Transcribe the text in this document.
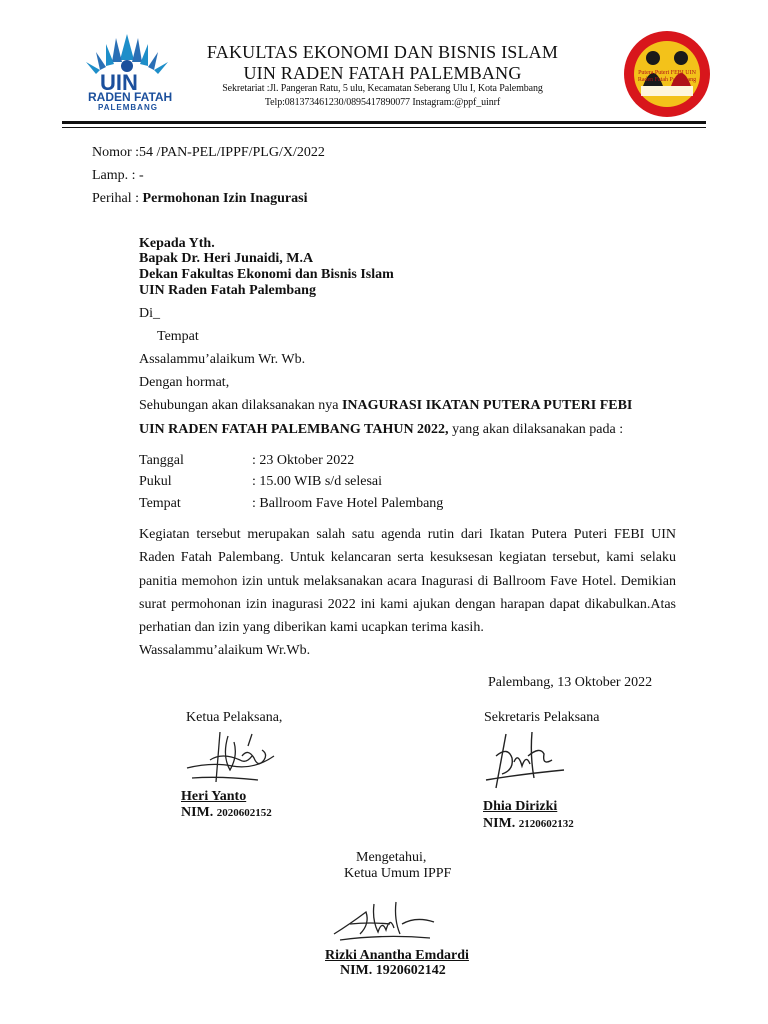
UIN
RADEN FATAH
PALEMBANG
FAKULTAS EKONOMI DAN BISNIS ISLAM
UIN RADEN FATAH PALEMBANG
Sekretariat :Jl. Pangeran Ratu, 5 ulu, Kecamatan Seberang Ulu I, Kota Palembang
Telp:081373461230/0895417890077 Instagram:@ppf_uinrf
Putera Puteri FEBI UIN Raden Fatah Palembang
Nomor :54 /PAN-PEL/IPPF/PLG/X/2022
Lamp. : -
Perihal : Permohonan Izin Inagurasi
Kepada Yth.
Bapak Dr. Heri Junaidi, M.A
Dekan Fakultas Ekonomi dan Bisnis Islam
UIN Raden Fatah Palembang
Di_
Tempat
Assalammu’alaikum Wr. Wb.
Dengan hormat,
Sehubungan akan dilaksanakan nya INAGURASI IKATAN PUTERA PUTERI FEBI
UIN RADEN FATAH PALEMBANG TAHUN 2022, yang akan dilaksanakan pada :
Tanggal	: 23 Oktober 2022
Pukul	: 15.00 WIB s/d selesai
Tempat	: Ballroom Fave Hotel Palembang
Kegiatan tersebut merupakan salah satu agenda rutin dari Ikatan Putera Puteri FEBI UIN
Raden Fatah Palembang. Untuk kelancaran serta kesuksesan kegiatan tersebut, kami selaku
panitia memohon izin untuk melaksanakan acara Inagurasi di Ballroom Fave Hotel. Demikian
surat permohonan izin inagurasi 2022 ini kami ajukan dengan harapan dapat dikabulkan.Atas
perhatian dan izin yang diberikan kami ucapkan terima kasih.
Wassalammu’alaikum Wr.Wb.
Palembang, 13 Oktober 2022
Ketua Pelaksana,
Heri Yanto
NIM. 2020602152
Sekretaris Pelaksana
Dhia Dirizki
NIM. 2120602132
Mengetahui,
Ketua Umum IPPF
Rizki Anantha Emdardi
NIM. 1920602142
